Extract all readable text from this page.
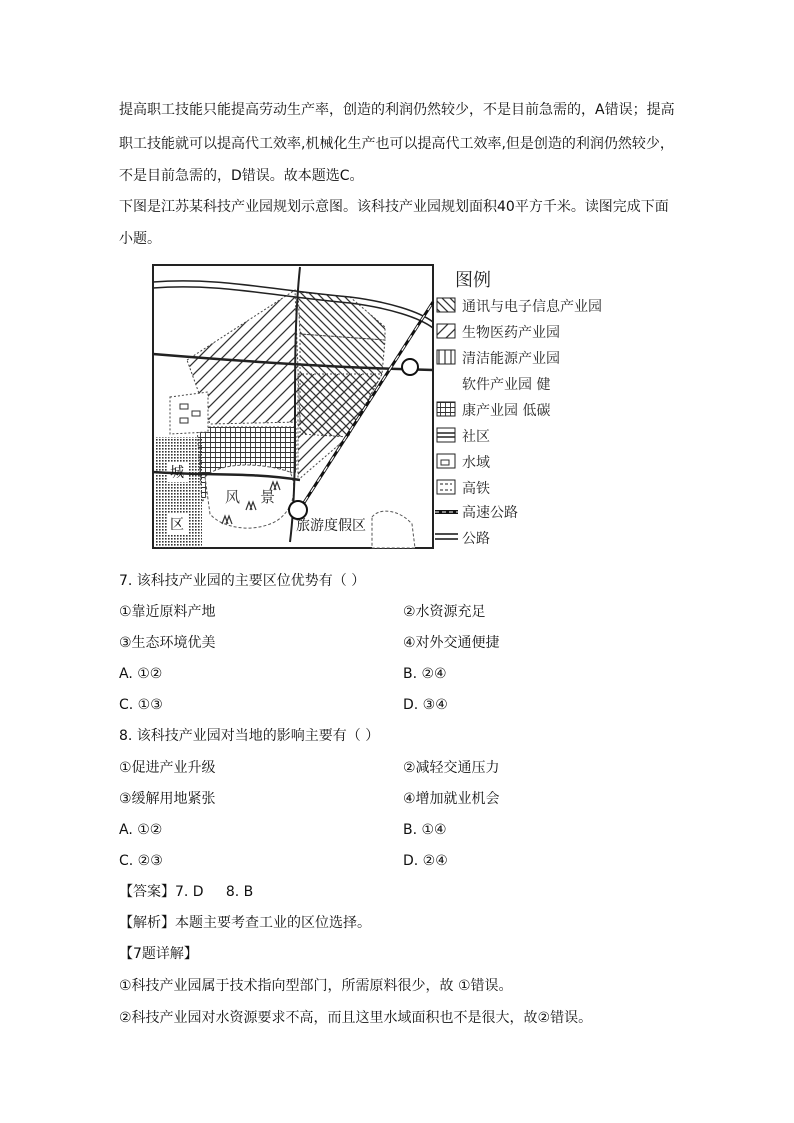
提高职工技能只能提高劳动生产率，创造的利润仍然较少，不是目前急需的，A错误；提高
职工技能就可以提高代工效率,机械化生产也可以提高代工效率,但是创造的利润仍然较少，
不是目前急需的，D错误。故本题选C。
下图是江苏某科技产业园规划示意图。该科技产业园规划面积40平方千米。读图完成下面
小题。
城
区
风 景
旅游度假区
图例
通讯与电子信息产业园
生物医药产业园
清洁能源产业园
软件产业园 健
康产业园 低碳
社区
水域
高铁
高速公路
公路
7. 该科技产业园的主要区位优势有（ ）
①靠近原料产地	②水资源充足
③生态环境优美	④对外交通便捷
A. ①②	B. ②④
C. ①③	D. ③④
8. 该科技产业园对当地的影响主要有（ ）
①促进产业升级	②减轻交通压力
③缓解用地紧张	④增加就业机会
A. ①②	B. ①④
C. ②③	D. ②④
【答案】7. D     8. B
【解析】本题主要考查工业的区位选择。
【7题详解】
①科技产业园属于技术指向型部门，所需原料很少，故 ①错误。
②科技产业园对水资源要求不高，而且这里水域面积也不是很大，故②错误。
